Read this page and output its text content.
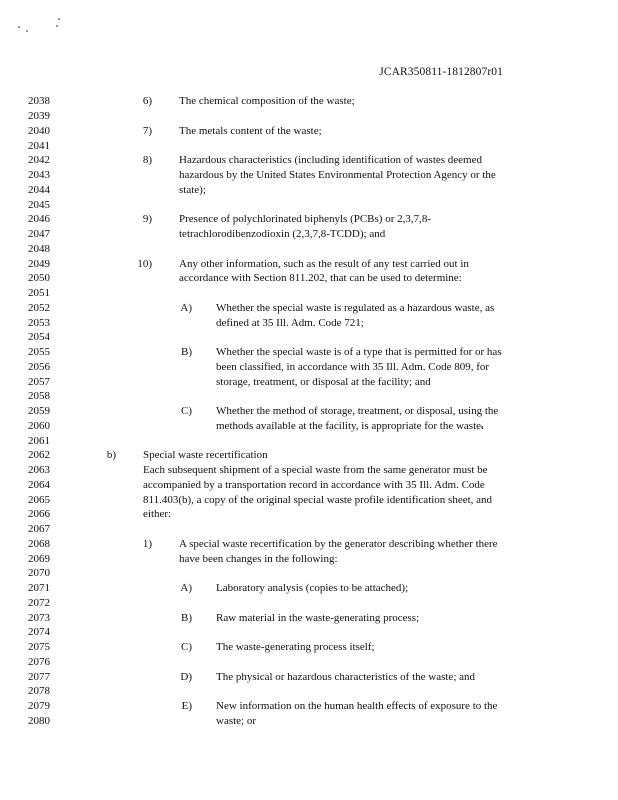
JCAR350811-1812807r01
2038
2039
2040
2041
2042
2043
2044
2045
2046
2047
2048
2049
2050
2051
2052
2053
2054
2055
2056
2057
2058
2059
2060
2061
2062
2063
2064
2065
2066
2067
2068
2069
2070
2071
2072
2073
2074
2075
2076
2077
2078
2079
2080
6) The chemical composition of the waste;
7) The metals content of the waste;
8) Hazardous characteristics (including identification of wastes deemed
hazardous by the United States Environmental Protection Agency or the
state);
9) Presence of polychlorinated biphenyls (PCBs) or 2,3,7,8-
tetrachlorodibenzodioxin (2,3,7,8-TCDD); and
10) Any other information, such as the result of any test carried out in
accordance with Section 811.202, that can be used to determine:
A) Whether the special waste is regulated as a hazardous waste, as
defined at 35 Ill. Adm. Code 721;
B) Whether the special waste is of a type that is permitted for or has
been classified, in accordance with 35 Ill. Adm. Code 809, for
storage, treatment, or disposal at the facility; and
C) Whether the method of storage, treatment, or disposal, using the
methods available at the facility, is appropriate for the waste.
b) Special waste recertification
Each subsequent shipment of a special waste from the same generator must be
accompanied by a transportation record in accordance with 35 Ill. Adm. Code
811.403(b), a copy of the original special waste profile identification sheet, and
either:
1) A special waste recertification by the generator describing whether there
have been changes in the following:
A) Laboratory analysis (copies to be attached);
B) Raw material in the waste-generating process;
C) The waste-generating process itself;
D) The physical or hazardous characteristics of the waste; and
E) New information on the human health effects of exposure to the
waste; or
